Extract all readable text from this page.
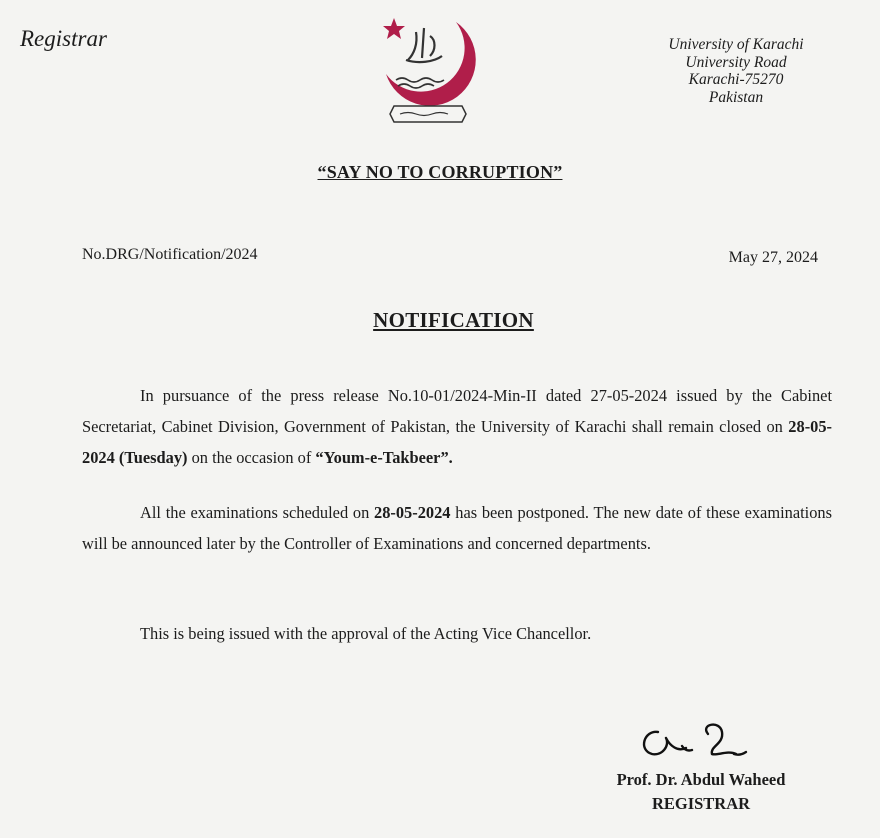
Registrar	University of Karachi
University Road
Karachi-75270
Pakistan
“SAY NO TO CORRUPTION”
No.DRG/Notification/2024	May 27, 2024
NOTIFICATION
In pursuance of the press release No.10-01/2024-Min-II dated 27-05-2024 issued by the Cabinet Secretariat, Cabinet Division, Government of Pakistan, the University of Karachi shall remain closed on 28-05-2024 (Tuesday) on the occasion of “Youm-e-Takbeer”.
All the examinations scheduled on 28-05-2024 has been postponed. The new date of these examinations will be announced later by the Controller of Examinations and concerned departments.
This is being issued with the approval of the Acting Vice Chancellor.
Prof. Dr. Abdul Waheed
REGISTRAR
